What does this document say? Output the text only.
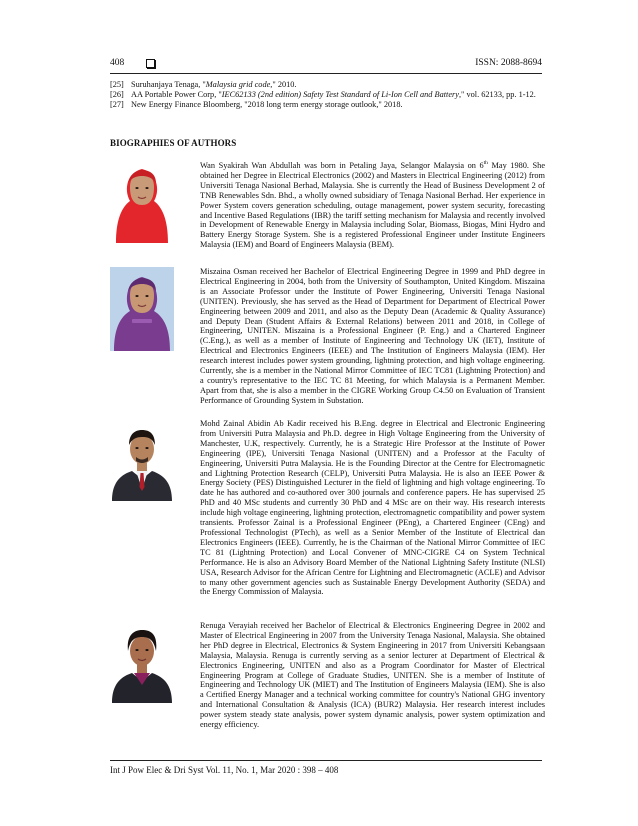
408	ISSN: 2088-8694
[25] Suruhanjaya Tenaga, "Malaysia grid code," 2010.
[26] AA Portable Power Corp, "IEC62133 (2nd edition) Safety Test Standard of Li-Ion Cell and Battery," vol. 62133, pp. 1-12.
[27] New Energy Finance Bloomberg, "2018 long term energy storage outlook," 2018.
BIOGRAPHIES OF AUTHORS
Wan Syakirah Wan Abdullah was born in Petaling Jaya, Selangor Malaysia on 6th May 1980. She obtained her Degree in Electrical Electronics (2002) and Masters in Electrical Engineering (2012) from Universiti Tenaga Nasional Berhad, Malaysia. She is currently the Head of Business Development 2 of TNB Renewables Sdn. Bhd., a wholly owned subsidiary of Tenaga Nasional Berhad. Her experience in Power System covers generation scheduling, outage management, power system security, forecasting and Incentive Based Regulations (IBR) the tariff setting mechanism for Malaysia and recently involved in Development of Renewable Energy in Malaysia including Solar, Biomass, Biogas, Mini Hydro and Battery Energy Storage System. She is a registered Professional Engineer under Institute Engineers Malaysia (IEM) and Board of Engineers Malaysia (BEM).
Miszaina Osman received her Bachelor of Electrical Engineering Degree in 1999 and PhD degree in Electrical Engineering in 2004, both from the University of Southampton, United Kingdom. Miszaina is an Associate Professor under the Institute of Power Engineering, Universiti Tenaga Nasional (UNITEN). Previously, she has served as the Head of Department for Department of Electrical Power Engineering between 2009 and 2011, and also as the Deputy Dean (Academic & Quality Assurance) and Deputy Dean (Student Affairs & External Relations) between 2011 and 2018, in College of Engineering, UNITEN. Miszaina is a Professional Engineer (P. Eng.) and a Chartered Engineer (C.Eng.), as well as a member of Institute of Engineering and Technology UK (IET), Institute of Electrical and Electronics Engineers (IEEE) and The Institution of Engineers Malaysia (IEM). Her research interest includes power system grounding, lightning protection, and high voltage engineering. Currently, she is a member in the National Mirror Committee of IEC TC81 (Lightning Protection) and a country's representative to the IEC TC 81 Meeting, for which Malaysia is a Permanent Member. Apart from that, she is also a member in the CIGRE Working Group C4.50 on Evaluation of Transient Performance of Grounding System in Substation.
Mohd Zainal Abidin Ab Kadir received his B.Eng. degree in Electrical and Electronic Engineering from Universiti Putra Malaysia and Ph.D. degree in High Voltage Engineering from the University of Manchester, U.K, respectively. Currently, he is a Strategic Hire Professor at the Institute of Power Engineering (IPE), Universiti Tenaga Nasional (UNITEN) and a Professor at the Faculty of Engineering, Universiti Putra Malaysia. He is the Founding Director at the Centre for Electromagnetic and Lightning Protection Research (CELP), Universiti Putra Malaysia. He is also an IEEE Power & Energy Society (PES) Distinguished Lecturer in the field of lightning and high voltage engineering. To date he has authored and co-authored over 300 journals and conference papers. He has supervised 25 PhD and 40 MSc students and currently 30 PhD and 4 MSc are on their way. His research interests include high voltage engineering, lightning protection, electromagnetic compatibility and power system transients. Professor Zainal is a Professional Engineer (PEng), a Chartered Engineer (CEng) and Professional Technologist (PTech), as well as a Senior Member of the Institute of Electrical dan Electronics Engineers (IEEE). Currently, he is the Chairman of the National Mirror Committee of IEC TC 81 (Lightning Protection) and Local Convener of MNC-CIGRE C4 on System Technical Performance. He is also an Advisory Board Member of the National Lightning Safety Institute (NLSI) USA, Research Advisor for the African Centre for Lightning and Electromagnetic (ACLE) and Advisor to many other government agencies such as Sustainable Energy Development Authority (SEDA) and the Energy Commission of Malaysia.
Renuga Verayiah received her Bachelor of Electrical & Electronics Engineering Degree in 2002 and Master of Electrical Engineering in 2007 from the University Tenaga Nasional, Malaysia. She obtained her PhD degree in Electrical, Electronics & System Engineering in 2017 from Universiti Kebangsaan Malaysia, Malaysia. Renuga is currently serving as a senior lecturer at Department of Electrical & Electronics Engineering, UNITEN and also as a Program Coordinator for Master of Electrical Engineering Program at College of Graduate Studies, UNITEN. She is a member of Institute of Engineering and Technology UK (MIET) and The Institution of Engineers Malaysia (IEM). She is also a Certified Energy Manager and a technical working committee for country's National GHG inventory and International Consultation & Analysis (ICA) (BUR2) Malaysia. Her research interest includes power system steady state analysis, power system dynamic analysis, power system optimization and energy efficiency.
Int J Pow Elec & Dri Syst Vol. 11, No. 1, Mar 2020 : 398 – 408
